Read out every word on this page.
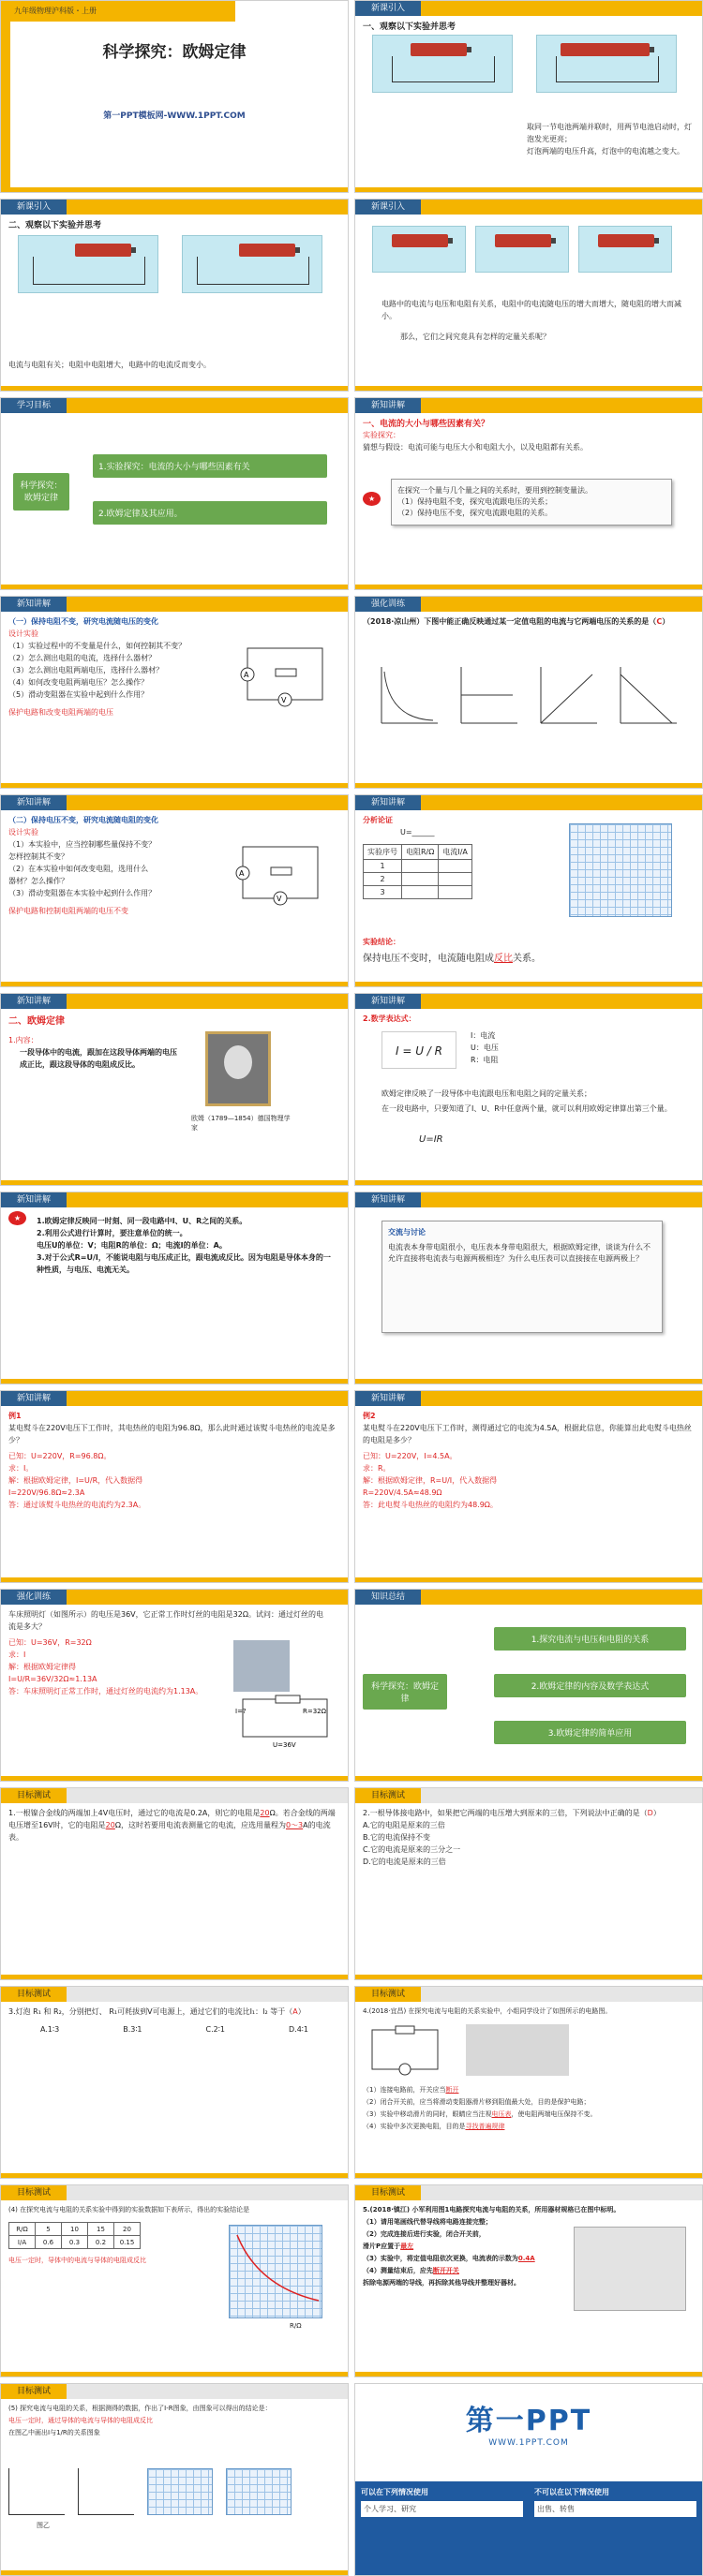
九年级物理沪科版・上册
科学探究：欧姆定律
第一PPT模板网-WWW.1PPT.COM
新课引入
一、观察以下实验并思考
取同一节电池两端并联时，用两节电池启动时，灯泡发光更亮；
灯泡两端的电压升高，灯泡中的电流越之变大。
新课引入
二、观察以下实验并思考
电流与电阻有关；电阻中电阻增大，电路中的电流反而变小。
新课引入
电路中的电流与电压和电阻有关系，电阻中的电流随电压的增大而增大，随电阻的增大而减小。
那么，它们之间究竟具有怎样的定量关系呢？
学习目标
科学探究：欧姆定律
1.实验探究：电流的大小与哪些因素有关
2.欧姆定律及其应用。
新知讲解
一、电流的大小与哪些因素有关？
实验探究：
猜想与假设：电流可能与电压大小和电阻大小，以及电阻都有关系。
★
在探究一个量与几个量之间的关系时，要用到控制变量法。
（1）保持电阻不变，探究电流跟电压的关系；
（2）保持电压不变，探究电流跟电阻的关系。
新知讲解
（一）保持电阻不变，研究电流随电压的变化
设计实验
（1）实验过程中的不变量是什么，如何控制其不变？
（2）怎么测出电阻的电流，选择什么器材？
（3）怎么测出电阻两端电压，选择什么器材？
（4）如何改变电阻两端电压？怎么操作？
（5）滑动变阻器在实验中起到什么作用？
保护电路和改变电阻两端的电压
A
V
强化训练
（2018·凉山州）下图中能正确反映通过某一定值电阻的电流与它两端电压的关系的是（C）
新知讲解
（二）保持电压不变，研究电流随电阻的变化
设计实验
（1）本实验中，应当控制哪些量保持不变？
怎样控制其不变？
（2）在本实验中如何改变电阻，选用什么
器材？怎么操作？
（3）滑动变阻器在本实验中起到什么作用？
保护电路和控制电阻两端的电压不变
A
V
新知讲解
分析论证
U=______
实验序号	电阻R/Ω	电流I/A
1		
2		
3		
实验结论：
保持电压不变时，电流随电阻成反比关系。
新知讲解
二、欧姆定律
1.内容：
一段导体中的电流，跟加在这段导体两端的电压成正比，跟这段导体的电阻成反比。
欧姆（1789—1854）德国物理学家
新知讲解
2.数学表达式：
I = U / R
I：电流
U：电压
R：电阻
欧姆定律反映了一段导体中电流跟电压和电阻之间的定量关系；
在一段电路中，只要知道了I、U、R中任意两个量，就可以利用欧姆定律算出第三个量。
U=IR
新知讲解
★	1.欧姆定律反映同一时刻、同一段电路中I、U、R之间的关系。
2.利用公式进行计算时，要注意单位的统一。
电压U的单位：V；电阻R的单位：Ω；电流I的单位：A。
3.对于公式R=U/I，不能说电阻与电压成正比，跟电流成反比。因为电阻是导体本身的一种性质，与电压、电流无关。
新知讲解
交流与讨论
电流表本身带电阻很小，电压表本身带电阻很大，根据欧姆定律，谈谈为什么不允许直接将电流表与电源两极相连？为什么电压表可以直接接在电源两极上？
新知讲解
例1
某电熨斗在220V电压下工作时，其电热丝的电阻为96.8Ω，那么此时通过该熨斗电热丝的电流是多少？
已知：U=220V，R=96.8Ω。
求：I。
解：根据欧姆定律，I=U/R，代入数据得
I=220V/96.8Ω≈2.3A
答：通过该熨斗电热丝的电流约为2.3A。
新知讲解
例2
某电熨斗在220V电压下工作时，测得通过它的电流为4.5A，根据此信息，你能算出此电熨斗电热丝的电阻是多少？
已知：U=220V，I=4.5A。
求：R。
解：根据欧姆定律，R=U/I，代入数据得
R=220V/4.5A≈48.9Ω
答：此电熨斗电热丝的电阻约为48.9Ω。
强化训练
车床照明灯（如图所示）的电压是36V，它正常工作时灯丝的电阻是32Ω。试问：通过灯丝的电流是多大？
已知：U=36V，R=32Ω
求：I
解：根据欧姆定律得
I=U/R=36V/32Ω≈1.13A
答：车床照明灯正常工作时，通过灯丝的电流约为1.13A。
I=?	R=32Ω
U=36V
知识总结
科学探究：欧姆定律
1.探究电流与电压和电阻的关系
2.欧姆定律的内容及数学表达式
3.欧姆定律的简单应用
目标测试
1.一根镍合金线的两端加上4V电压时，通过它的电流是0.2A，则它的电阻是20Ω。若合金线的两端电压增至16V时，它的电阻是20Ω，这时若要用电流表测量它的电流，应选用量程为0～3A的电流表。
目标测试
2.一根导体接电路中，如果把它两端的电压增大到原来的三倍，下列说法中正确的是（D）
A.它的电阻是原来的三倍
B.它的电流保持不变
C.它的电流是原来的三分之一
D.它的电流是原来的三倍
目标测试
3.灯泡 R₁ 和 R₂，分别把灯、 R₁可耗拔到V可电源上，通过它们的电流比I₁：I₂ 等于（A）
A.1∶3	B.3∶1	C.2∶1	D.4∶1
目标测试
4.(2018·宜昌) 在探究电流与电阻的关系实验中，小组同学设计了如图所示的电路图。
（1）连接电路前，开关应当断开
（2）闭合开关前，应当将滑动变阻器滑片移到阻值最大处，目的是保护电路；
（3）实验中移动滑片的同时，眼睛应当注视电压表，使电阻两端电压保持不变。
（4）实验中多次更换电阻，目的是寻找普遍规律
目标测试
(4) 在探究电流与电阻的关系实验中得到的实验数据如下表所示，得出的实验结论是
R/Ω	5	10	15	20
I/A	0.6	0.3	0.2	0.15
电压一定时，导体中的电流与导体的电阻成反比
R/Ω
目标测试
5.(2018·镇江) 小军利用图1电路探究电流与电阻的关系，所用器材规格已在图中标明。
（1）请用笔画线代替导线将电路连接完整；
（2）完成连接后进行实验，闭合开关前，
滑片P应置于最左
（3）实验中，将定值电阻依次更换，电流表的示数为0.4A
（4）测量结束后，应先断开开关
拆除电源两端的导线，再拆除其他导线并整理好器材。
目标测试
(5) 探究电流与电阻的关系，根据测得的数据，作出了I-R图象，由图象可以得出的结论是：
电压一定时，通过导体的电流与导体的电阻成反比
在图乙中画出I与1/R的关系图象
图乙
第一PPT
WWW.1PPT.COM
可以在下列情况使用
个人学习、研究
不可以在以下情况使用
出售、转售
